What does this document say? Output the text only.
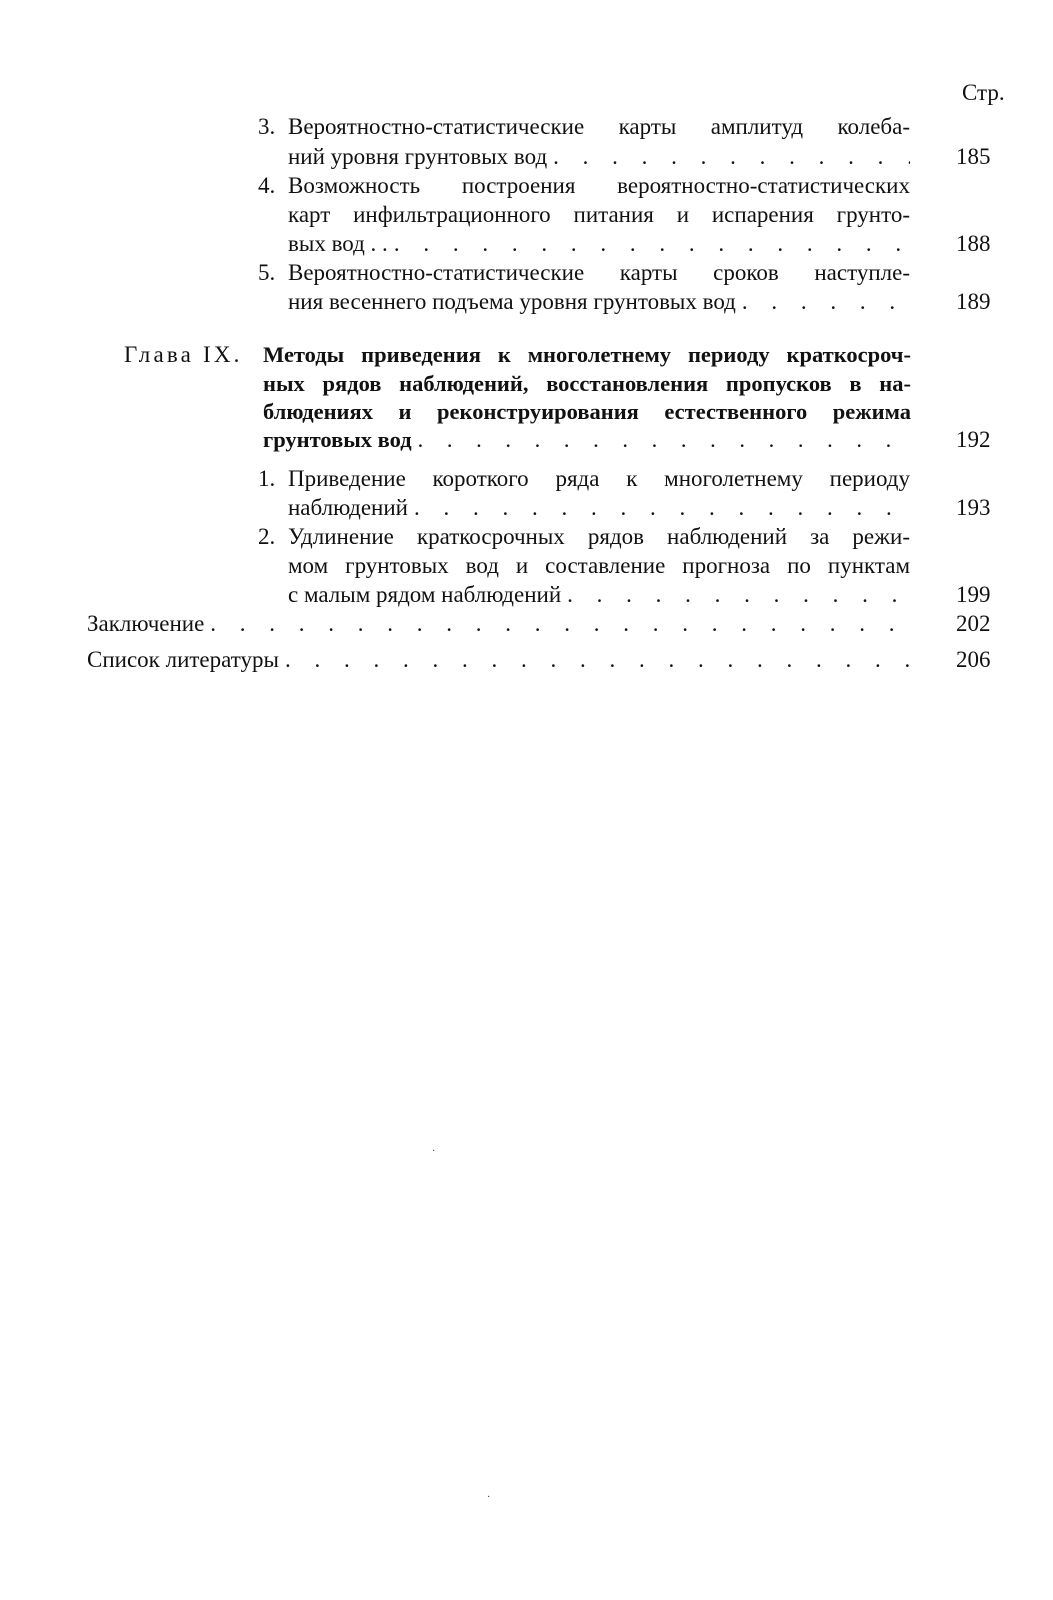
Стр.
3. Вероятностно-статистические карты амплитуд колеба-
ний уровня грунтовых вод . . .	185
4. Возможность построения вероятностно-статистических
карт инфильтрационного питания и испарения грунто-
вых вод . . . . .	188
5. Вероятностно-статистические карты сроков наступле-
ния весеннего подъема уровня грунтовых вод . . .	189
Глава IX. Методы приведения к многолетнему периоду краткосроч-
ных рядов наблюдений, восстановления пропусков в на-
блюдениях и реконструирования естественного режима
грунтовых вод . . .	192
1. Приведение короткого ряда к многолетнему периоду
наблюдений . . .	193
2. Удлинение краткосрочных рядов наблюдений за режи-
мом грунтовых вод и составление прогноза по пунктам
с малым рядом наблюдений . . .	199
Заключение . . .	202
Список литературы . . .	206
·
·
